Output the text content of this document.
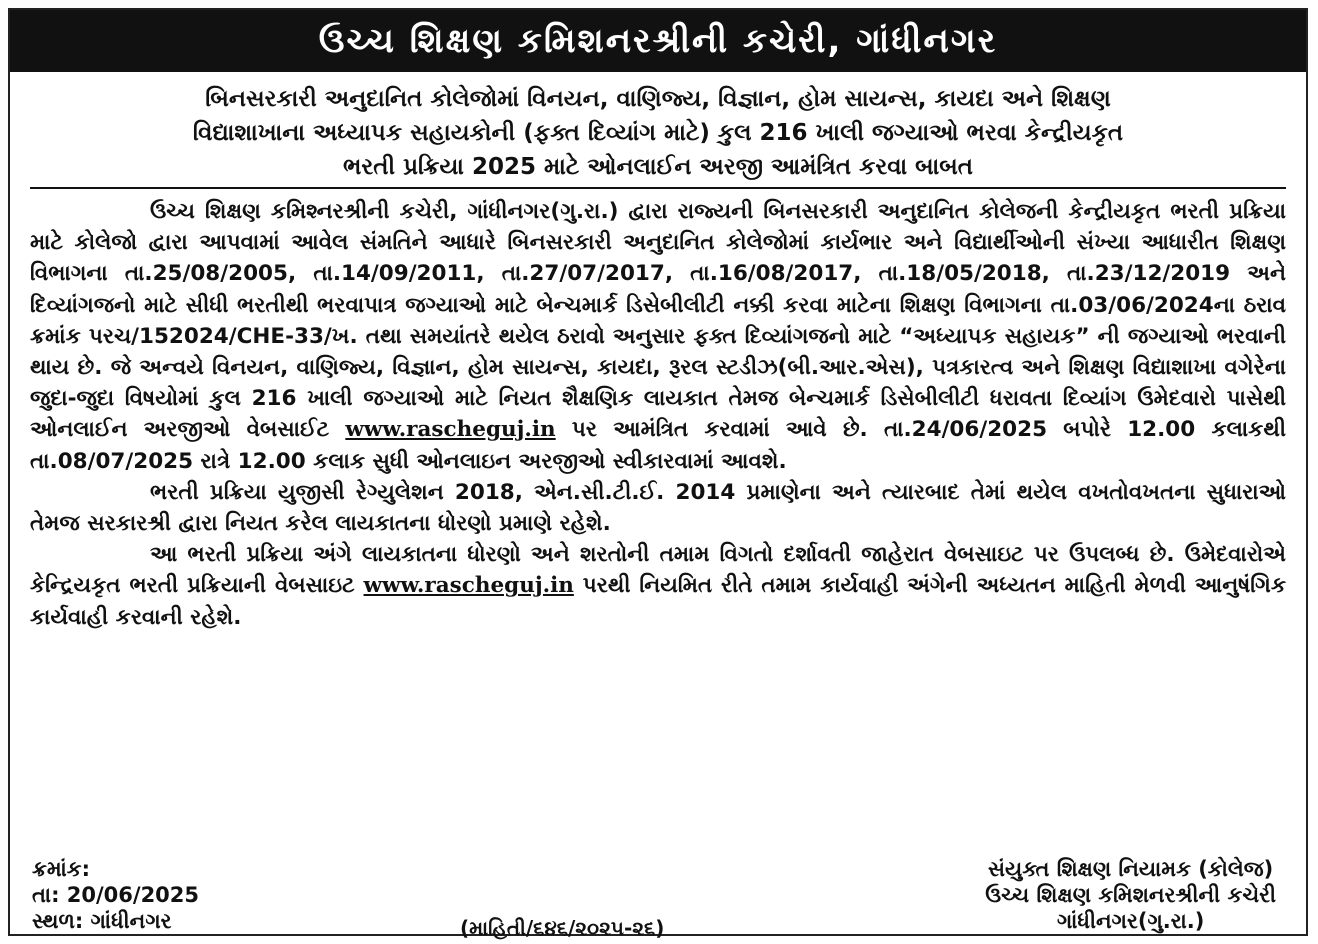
ઉચ્ચ શિક્ષણ કમિશનરશ્રીની કચેરી, ગાંધીનગર
બિનસરકારી અનુદાનિત કોલેજોમાં વિનયન, વાણિજ્ય, વિજ્ઞાન, હોમ સાયન્સ, કાયદા અને શિક્ષણ
વિદ્યાશાખાના અધ્યાપક સહાયકોની (ફક્ત દિવ્યાંગ માટે) કુલ 216 ખાલી જગ્યાઓ ભરવા કેન્દ્રીયકૃત
ભરતી પ્રક્રિયા 2025 માટે ઓનલાઈન અરજી આમંત્રિત કરવા બાબત

ઉચ્ચ શિક્ષણ કમિશ્નરશ્રીની કચેરી, ગાંધીનગર(ગુ.રા.) દ્વારા રાજ્યની બિનસરકારી અનુદાનિત કોલેજની કેન્દ્રીયકૃત ભરતી પ્રક્રિયા માટે કોલેજો દ્વારા આપવામાં આવેલ સંમતિને આધારે બિનસરકારી અનુદાનિત કોલેજોમાં કાર્યભાર અને વિદ્યાર્થીઓની સંખ્યા આધારીત શિક્ષણ વિભાગના તા.25/08/2005, તા.14/09/2011, તા.27/07/2017, તા.16/08/2017, તા.18/05/2018, તા.23/12/2019 અને દિવ્યાંગજનો માટે સીધી ભરતીથી ભરવાપાત્ર જગ્યાઓ માટે બેન્ચમાર્ક ડિસેબીલીટી નક્કી કરવા માટેના શિક્ષણ વિભાગના તા.03/06/2024ના ઠરાવ ક્રમાંક પરચ/152024/CHE-33/ખ. તથા સમયાંતરે થયેલ ઠરાવો અનુસાર ફક્ત દિવ્યાંગજનો માટે “અધ્યાપક સહાયક” ની જગ્યાઓ ભરવાની થાય છે. જે અન્વયે વિનયન, વાણિજ્ય, વિજ્ઞાન, હોમ સાયન્સ, કાયદા, રૂરલ સ્ટડીઝ(બી.આર.એસ), પત્રકારત્વ અને શિક્ષણ વિદ્યાશાખા વગેરેના જુદા-જુદા વિષયોમાં કુલ 216 ખાલી જગ્યાઓ માટે નિયત શૈક્ષણિક લાયકાત તેમજ બેન્ચમાર્ક ડિસેબીલીટી ધરાવતા દિવ્યાંગ ઉમેદવારો પાસેથી ઓનલાઈન અરજીઓ વેબસાઈટ www.rascheguj.in પર આમંત્રિત કરવામાં આવે છે. તા.24/06/2025 બપોરે 12.00 કલાકથી તા.08/07/2025 રાત્રે 12.00 કલાક સુધી ઓનલાઇન અરજીઓ સ્વીકારવામાં આવશે.

ભરતી પ્રક્રિયા યુજીસી રેગ્યુલેશન 2018, એન.સી.ટી.ઈ. 2014 પ્રમાણેના અને ત્યારબાદ તેમાં થયેલ વખતોવખતના સુધારાઓ તેમજ સરકારશ્રી દ્વારા નિયત કરેલ લાયકાતના ધોરણો પ્રમાણે રહેશે.

આ ભરતી પ્રક્રિયા અંગે લાયકાતના ધોરણો અને શરતોની તમામ વિગતો દર્શાવતી જાહેરાત વેબસાઇટ પર ઉપલબ્ધ છે. ઉમેદવારોએ કેન્દ્રિયકૃત ભરતી પ્રક્રિયાની વેબસાઇટ www.rascheguj.in પરથી નિયમિત રીતે તમામ કાર્યવાહી અંગેની અધ્યતન માહિતી મેળવી આનુષંગિક કાર્યવાહી કરવાની રહેશે.

ક્રમાંક:
તા: 20/06/2025
સ્થળ: ગાંધીનગર	(માહિતી/૬૪૬/૨૦૨૫-૨૬)
સંયુક્ત શિક્ષણ નિયામક (કોલેજ)
ઉચ્ચ શિક્ષણ કમિશનરશ્રીની કચેરી
ગાંધીનગર(ગુ.રા.)
